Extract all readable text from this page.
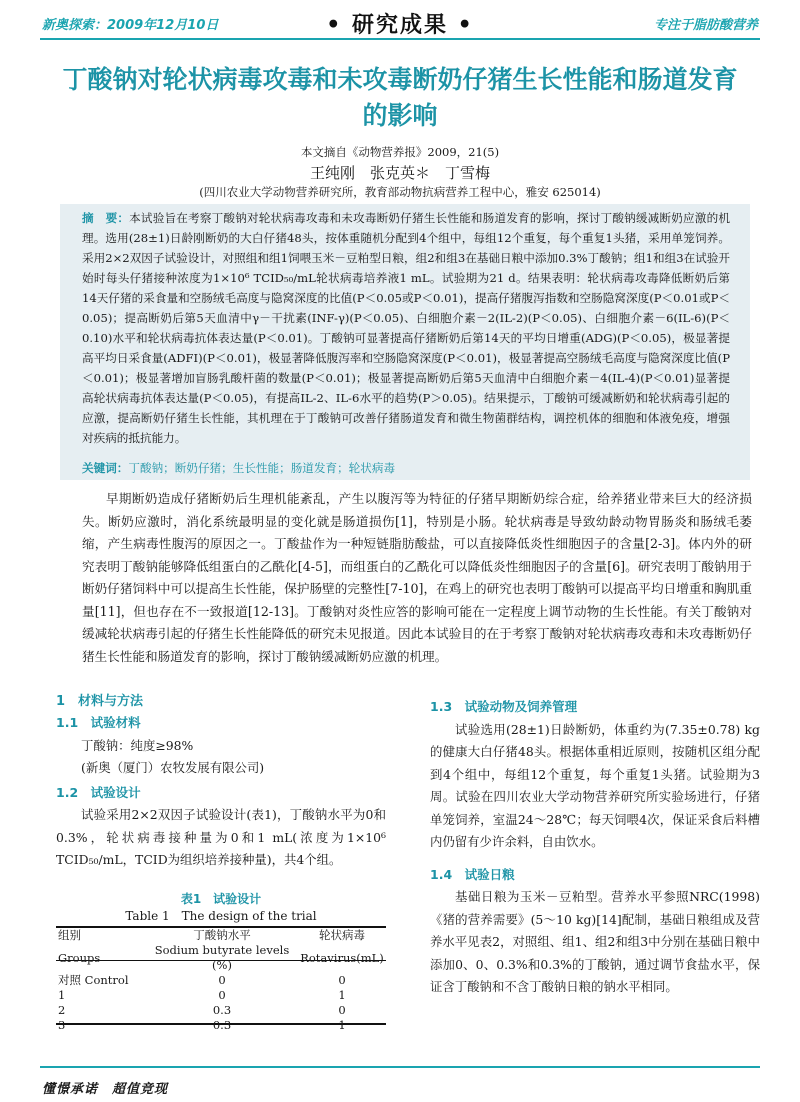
新奥探索：2009年12月10日	• 研究成果 •	专注于脂肪酸营养
丁酸钠对轮状病毒攻毒和未攻毒断奶仔猪生长性能和肠道发育的影响
本文摘自《动物营养报》2009，21(5)
王纯刚　张克英＊　丁雪梅
(四川农业大学动物营养研究所，教育部动物抗病营养工程中心，雅安 625014)
摘　要：本试验旨在考察丁酸钠对轮状病毒攻毒和未攻毒断奶仔猪生长性能和肠道发育的影响，探讨丁酸钠缓减断奶应激的机理。选用(28±1)日龄刚断奶的大白仔猪48头，按体重随机分配到4个组中，每组12个重复，每个重复1头猪，采用单笼饲养。采用2×2双因子试验设计，对照组和组1饲喂玉米－豆粕型日粮，组2和组3在基础日粮中添加0.3%丁酸钠；组1和组3在试验开始时每头仔猪接种浓度为1×10⁶ TCID₅₀/mL轮状病毒培养液1 mL。试验期为21 d。结果表明：轮状病毒攻毒降低断奶后第14天仔猪的采食量和空肠绒毛高度与隐窝深度的比值(P＜0.05或P＜0.01)，提高仔猪腹泻指数和空肠隐窝深度(P＜0.01或P＜0.05)；提高断奶后第5天血清中γ－干扰素(INF-γ)(P＜0.05)、白细胞介素－2(IL-2)(P＜0.05)、白细胞介素－6(IL-6)(P＜0.10)水平和轮状病毒抗体表达量(P＜0.01)。丁酸钠可显著提高仔猪断奶后第14天的平均日增重(ADG)(P＜0.05)，极显著提高平均日采食量(ADFI)(P＜0.01)，极显著降低腹泻率和空肠隐窝深度(P＜0.01)，极显著提高空肠绒毛高度与隐窝深度比值(P＜0.01)；极显著增加盲肠乳酸杆菌的数量(P＜0.01)；极显著提高断奶后第5天血清中白细胞介素－4(IL-4)(P＜0.01)显著提高轮状病毒抗体表达量(P＜0.05)，有提高IL-2、IL-6水平的趋势(P＞0.05)。结果提示，丁酸钠可缓减断奶和轮状病毒引起的应激，提高断奶仔猪生长性能，其机理在于丁酸钠可改善仔猪肠道发育和微生物菌群结构，调控机体的细胞和体液免疫，增强对疾病的抵抗能力。
关键词：丁酸钠；断奶仔猪；生长性能；肠道发育；轮状病毒
早期断奶造成仔猪断奶后生理机能紊乱，产生以腹泻等为特征的仔猪早期断奶综合症，给养猪业带来巨大的经济损失。断奶应激时，消化系统最明显的变化就是肠道损伤[1]，特别是小肠。轮状病毒是导致幼龄动物胃肠炎和肠绒毛萎缩，产生病毒性腹泻的原因之一。丁酸盐作为一种短链脂肪酸盐，可以直接降低炎性细胞因子的含量[2-3]。体内外的研究表明丁酸钠能够降低组蛋白的乙酰化[4-5]，而组蛋白的乙酰化可以降低炎性细胞因子的含量[6]。研究表明丁酸钠用于断奶仔猪饲料中可以提高生长性能，保护肠壁的完整性[7-10]，在鸡上的研究也表明丁酸钠可以提高平均日增重和胸肌重量[11]，但也存在不一致报道[12-13]。丁酸钠对炎性应答的影响可能在一定程度上调节动物的生长性能。有关丁酸钠对缓减轮状病毒引起的仔猪生长性能降低的研究未见报道。因此本试验目的在于考察丁酸钠对轮状病毒攻毒和未攻毒断奶仔猪生长性能和肠道发育的影响，探讨丁酸钠缓减断奶应激的机理。
1　材料与方法
1.1　试验材料
丁酸钠：纯度≥98%
(新奥（厦门）农牧发展有限公司)
1.2　试验设计
试验采用2×2双因子试验设计(表1)，丁酸钠水平为0和0.3%，轮状病毒接种量为0和1 mL(浓度为1×10⁶ TCID₅₀/mL，TCID为组织培养接种量)，共4个组。
表1　试验设计
Table 1　The design of the trial
组别	丁酸钠水平	轮状病毒
Groups	Sodium butyrate levels (%)	Rotavirus(mL)
对照 Control	0	0
1	0	1
2	0.3	0
3	0.3	1
1.3　试验动物及饲养管理
试验选用(28±1)日龄断奶，体重约为(7.35±0.78) kg的健康大白仔猪48头。根据体重相近原则，按随机区组分配到4个组中，每组12个重复，每个重复1头猪。试验期为3周。试验在四川农业大学动物营养研究所实验场进行，仔猪单笼饲养，室温24～28℃；每天饲喂4次，保证采食后料槽内仍留有少许余料，自由饮水。
1.4　试验日粮
基础日粮为玉米－豆粕型。营养水平参照NRC(1998)《猪的营养需要》(5～10 kg)[14]配制，基础日粮组成及营养水平见表2，对照组、组1、组2和组3中分别在基础日粮中添加0、0、0.3%和0.3%的丁酸钠，通过调节食盐水平，保证含丁酸钠和不含丁酸钠日粮的钠水平相同。
懂憬承诺　超值竞现
